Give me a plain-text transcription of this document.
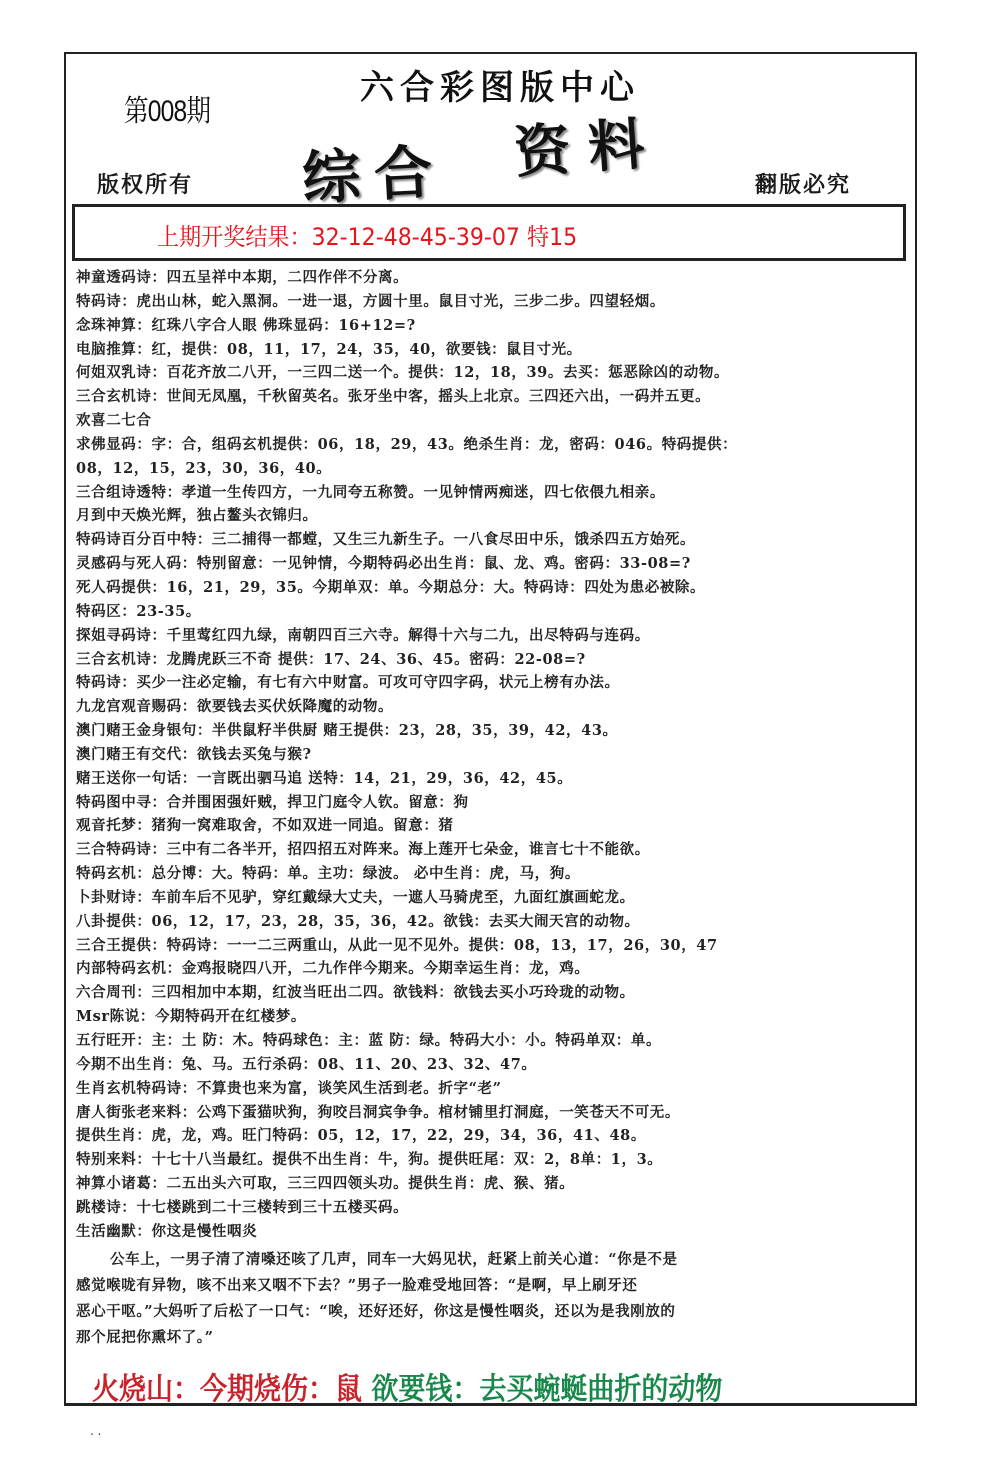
第008期
六合彩图版中心
综合 资料
版权所有	翻版必究
上期开奖结果：32-12-48-45-39-07 特15
神童透码诗：四五呈祥中本期，二四作伴不分离。
特码诗：虎出山林，蛇入黑洞。一进一退，方圆十里。鼠目寸光，三步二步。四望轻烟。
念珠神算：红珠八字合人眼 佛珠显码：16+12=?
电脑推算：红，提供：08，11，17，24，35，40，欲要钱：鼠目寸光。
何姐双乳诗：百花齐放二八开，一三四二送一个。提供：12，18，39。去买：惩恶除凶的动物。
三合玄机诗：世间无凤凰，千秋留英名。张牙坐中客，摇头上北京。三四还六出，一码并五更。
欢喜二七合
求佛显码：字：合，组码玄机提供：06，18，29，43。绝杀生肖：龙，密码：046。特码提供：
08，12，15，23，30，36，40。
三合组诗透特：孝道一生传四方，一九同夸五称赞。一见钟情两痴迷，四七依偎九相亲。
月到中天焕光辉，独占鳌头衣锦归。
特码诗百分百中特：三二捕得一都螳，又生三九新生子。一八食尽田中乐，饿杀四五方始死。
灵感码与死人码：特别留意：一见钟情，今期特码必出生肖：鼠、龙、鸡。密码：33-08=?
死人码提供：16，21，29，35。今期单双：单。今期总分：大。特码诗：四处为患必被除。
特码区：23-35。
探姐寻码诗：千里莺红四九绿，南朝四百三六寺。解得十六与二九，出尽特码与连码。
三合玄机诗：龙腾虎跃三不奇 提供：17、24、36、45。密码：22-08=?
特码诗：买少一注必定输，有七有六中财富。可攻可守四字码，状元上榜有办法。
九龙宫观音赐码：欲要钱去买伏妖降魔的动物。
澳门赌王金身银句：半供鼠籽半供厨 赌王提供：23，28，35，39，42，43。
澳门赌王有交代：欲钱去买兔与猴?
赌王送你一句话：一言既出驷马追 送特：14，21，29，36，42，45。
特码图中寻：合并围困强奸贼，捍卫门庭令人钦。留意：狗
观音托梦：猪狗一窝难取舍，不如双进一同追。留意：猪
三合特码诗：三中有二各半开，招四招五对阵来。海上莲开七朵金，谁言七十不能欲。
特码玄机：总分博：大。特码：单。主功：绿波。 必中生肖：虎，马，狗。
卜卦财诗：车前车后不见驴，穿红戴绿大丈夫，一遮人马骑虎至，九面红旗画蛇龙。
八卦提供：06，12，17，23，28，35，36，42。欲钱：去买大闹天宫的动物。
三合王提供：特码诗：一一二三两重山，从此一见不见外。提供：08，13，17，26，30，47
内部特码玄机：金鸡报晓四八开，二九作伴今期来。今期幸运生肖：龙，鸡。
六合周刊：三四相加中本期，红波当旺出二四。欲钱料：欲钱去买小巧玲珑的动物。
Msr陈说：今期特码开在红楼梦。
五行旺开：主：土 防：木。特码球色：主：蓝 防：绿。特码大小：小。特码单双：单。
今期不出生肖：兔、马。五行杀码：08、11、20、23、32、47。
生肖玄机特码诗：不算贵也来为富，谈笑风生活到老。折字“老”
唐人街张老来料：公鸡下蛋猫吠狗，狗咬吕洞宾争争。棺材铺里打洞庭，一笑苍天不可无。
提供生肖：虎，龙，鸡。旺门特码：05，12，17，22，29，34，36，41、48。
特别来料：十七十八当最红。提供不出生肖：牛，狗。提供旺尾：双：2，8单：1，3。
神算小诸葛：二五出头六可取，三三四四领头功。提供生肖：虎、猴、猪。
跳楼诗：十七楼跳到二十三楼转到三十五楼买码。
生活幽默：你这是慢性咽炎

公车上，一男子清了清嗓还咳了几声，同车一大妈见状，赶紧上前关心道：“你是不是

感觉喉咙有异物，咳不出来又咽不下去？”男子一脸难受地回答：“是啊，早上刷牙还

恶心干呕。”大妈听了后松了一口气：“唉，还好还好，你这是慢性咽炎，还以为是我刚放的

那个屁把你熏坏了。”

火烧山：今期烧伤：鼠 欲要钱：去买蜿蜒曲折的动物
. .
